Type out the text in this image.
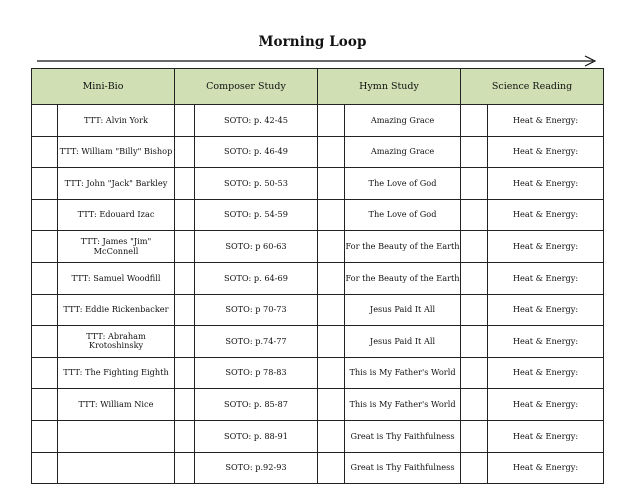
Morning Loop
Mini-Bio		Composer Study		Hymn Study		Science Reading	
	TTT: Alvin York		SOTO: p. 42-45		Amazing Grace		Heat & Energy:
	TTT: William "Billy" Bishop		SOTO: p. 46-49		Amazing Grace		Heat & Energy:
	TTT: John "Jack" Barkley		SOTO: p. 50-53		The Love of God		Heat & Energy:
	TTT: Edouard Izac		SOTO: p. 54-59		The Love of God		Heat & Energy:
	TTT: James "Jim" McConnell		SOTO: p 60-63		For the Beauty of the Earth		Heat & Energy:
	TTT: Samuel Woodfill		SOTO: p. 64-69		For the Beauty of the Earth		Heat & Energy:
	TTT: Eddie Rickenbacker		SOTO: p 70-73		Jesus Paid It All		Heat & Energy:
	TTT: Abraham Krotoshinsky		SOTO: p.74-77		Jesus Paid It All		Heat & Energy:
	TTT: The Fighting Eighth		SOTO: p 78-83		This is My Father's World		Heat & Energy:
	TTT: William Nice		SOTO: p. 85-87		This is My Father's World		Heat & Energy:
			SOTO: p. 88-91		Great is Thy Faithfulness		Heat & Energy:
			SOTO: p.92-93		Great is Thy Faithfulness		Heat & Energy:
